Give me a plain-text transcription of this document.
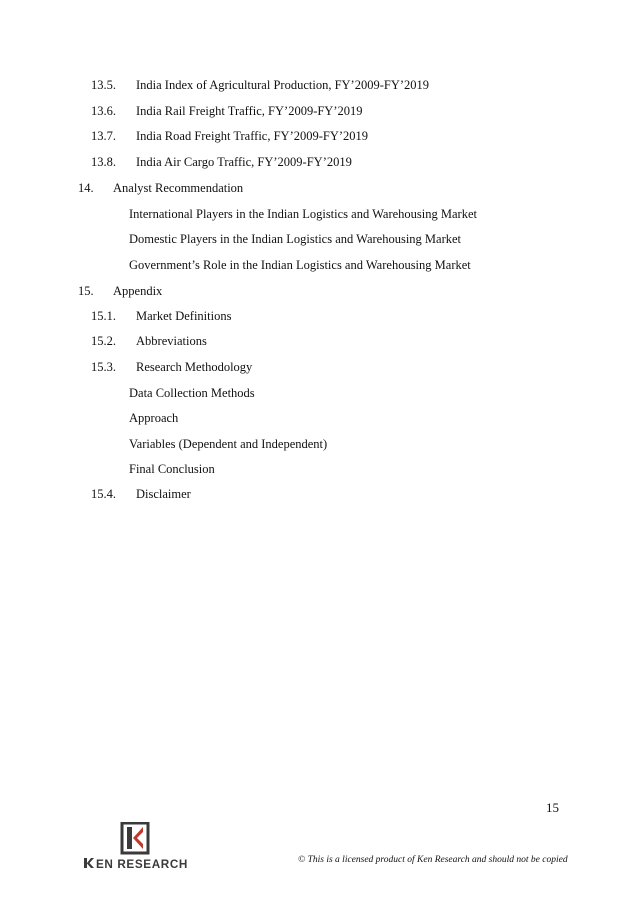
13.5. India Index of Agricultural Production, FY’2009-FY’2019
13.6. India Rail Freight Traffic, FY’2009-FY’2019
13.7. India Road Freight Traffic, FY’2009-FY’2019
13.8. India Air Cargo Traffic, FY’2009-FY’2019
14. Analyst Recommendation
International Players in the Indian Logistics and Warehousing Market
Domestic Players in the Indian Logistics and Warehousing Market
Government’s Role in the Indian Logistics and Warehousing Market
15. Appendix
15.1. Market Definitions
15.2. Abbreviations
15.3. Research Methodology
Data Collection Methods
Approach
Variables (Dependent and Independent)
Final Conclusion
15.4. Disclaimer
15
EN RESEARCH	© This is a licensed product of Ken Research and should not be copied
